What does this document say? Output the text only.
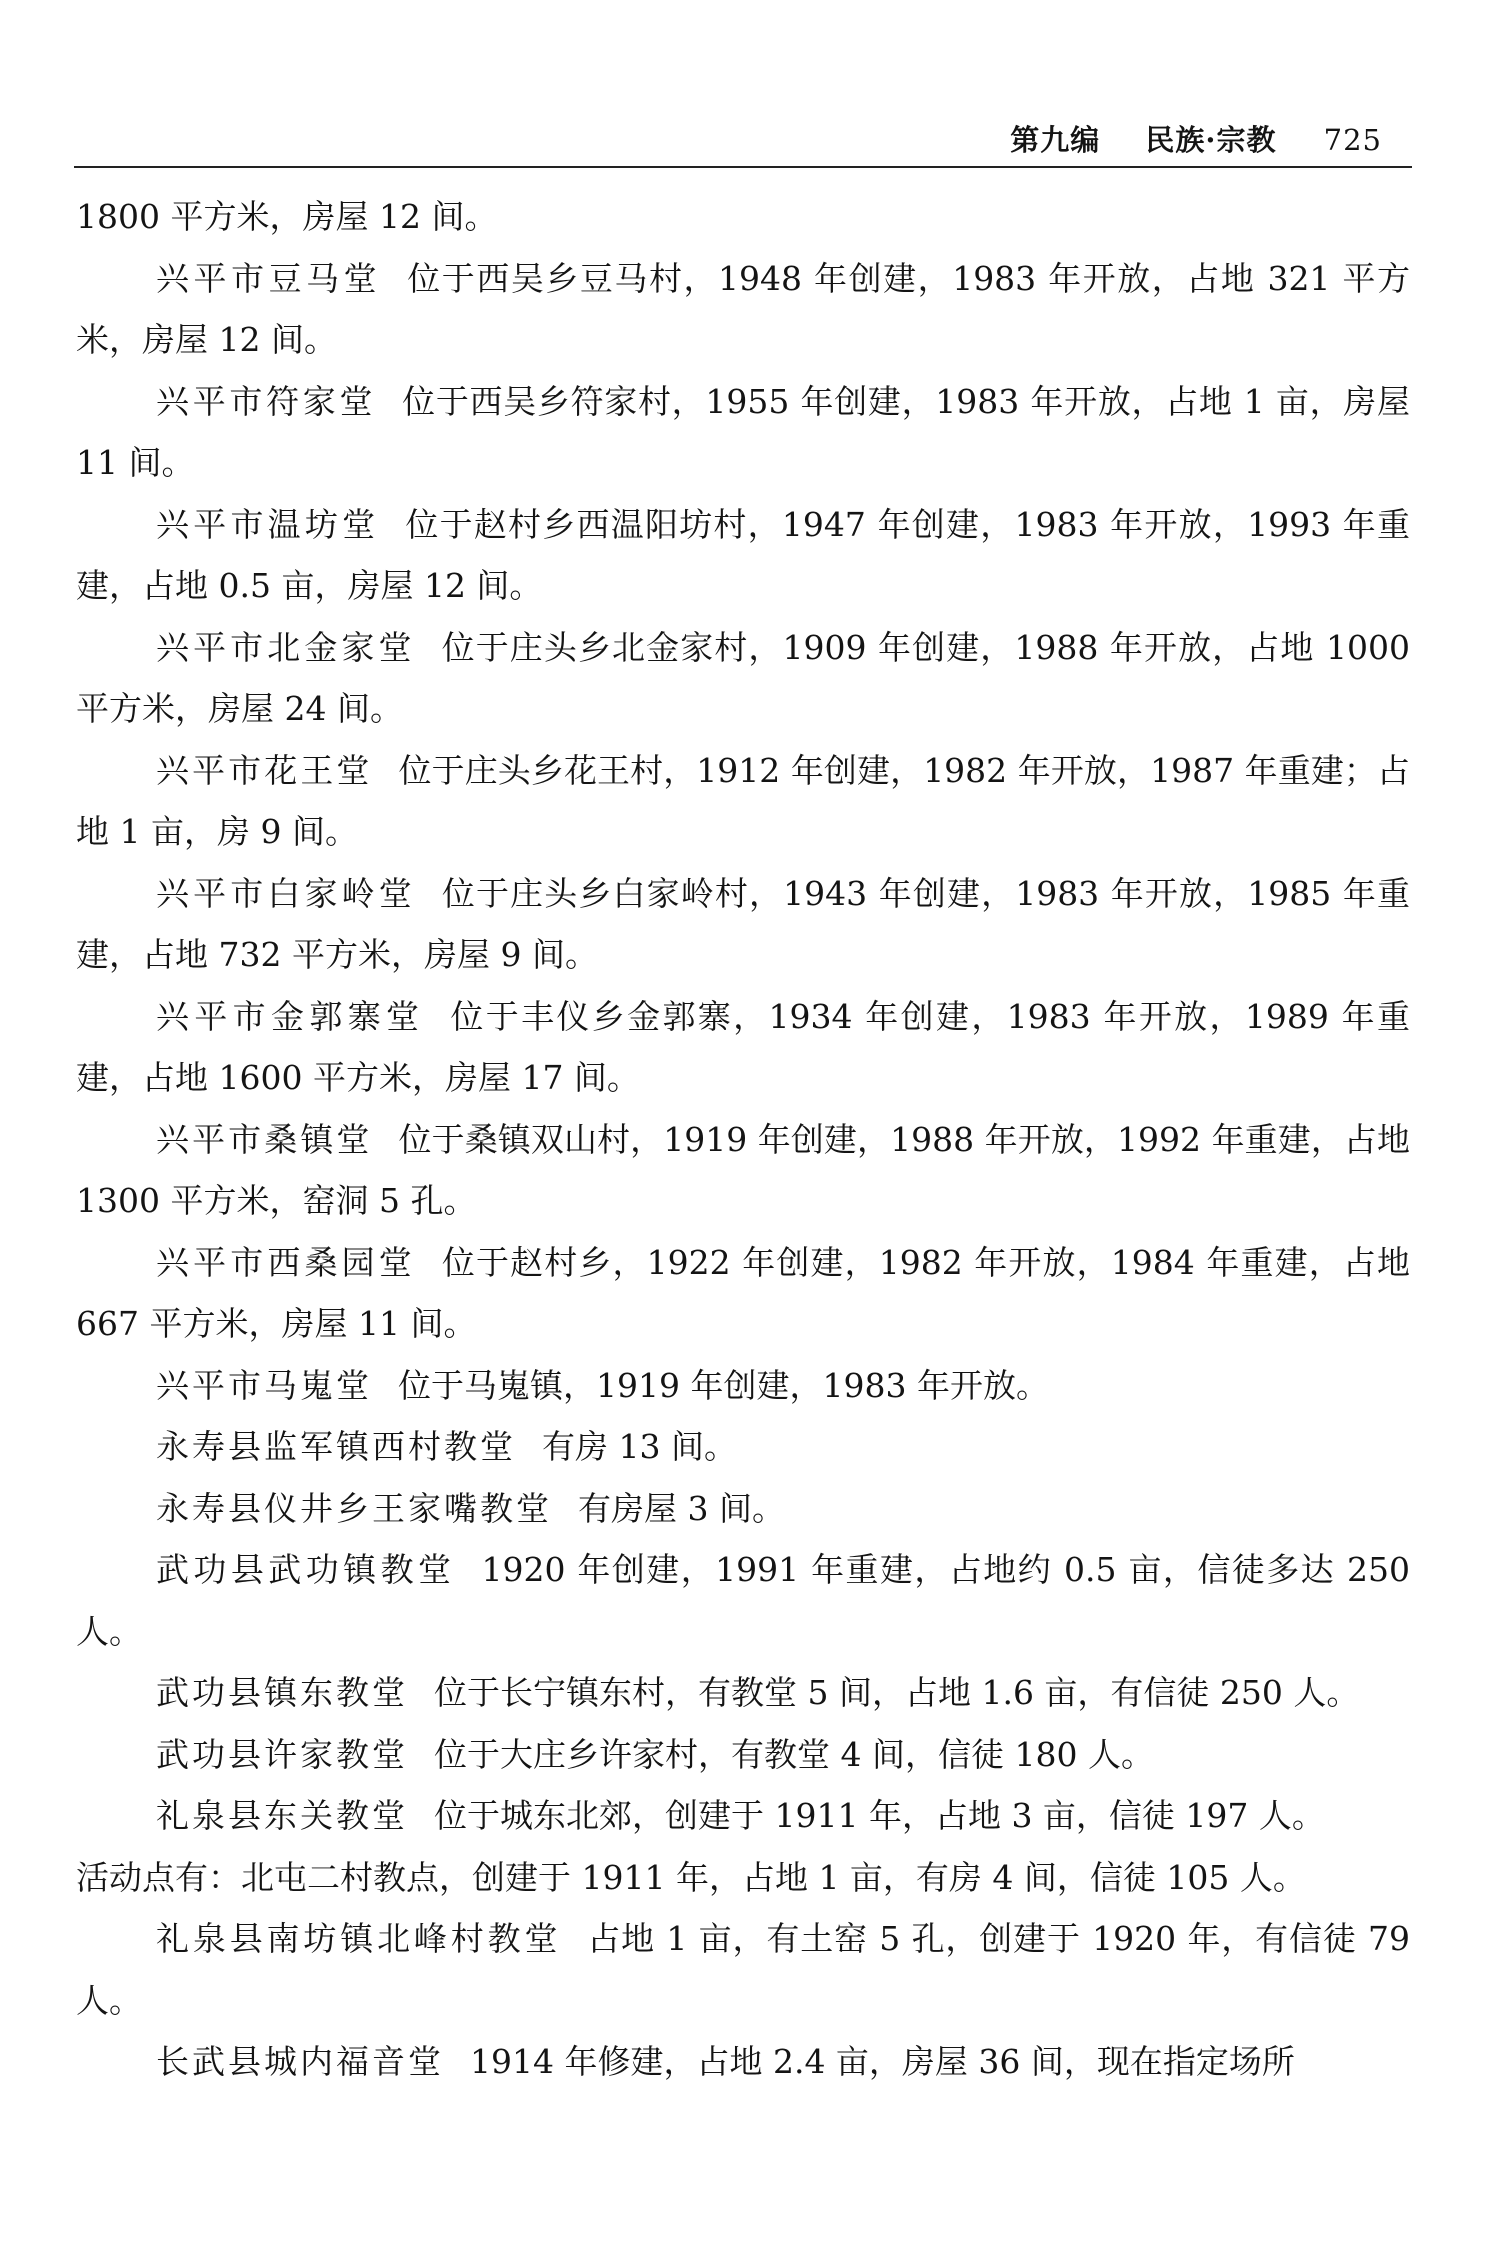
第九编 民族·宗教 725

1800 平方米，房屋 12 间。

兴平市豆马堂 位于西吴乡豆马村，1948 年创建，1983 年开放，占地 321 平方米，房屋 12 间。

兴平市符家堂 位于西吴乡符家村，1955 年创建，1983 年开放，占地 1 亩，房屋 11 间。

兴平市温坊堂 位于赵村乡西温阳坊村，1947 年创建，1983 年开放，1993 年重建，占地 0.5 亩，房屋 12 间。

兴平市北金家堂 位于庄头乡北金家村，1909 年创建，1988 年开放，占地 1000 平方米，房屋 24 间。

兴平市花王堂 位于庄头乡花王村，1912 年创建，1982 年开放，1987 年重建；占地 1 亩，房 9 间。

兴平市白家岭堂 位于庄头乡白家岭村，1943 年创建，1983 年开放，1985 年重建，占地 732 平方米，房屋 9 间。

兴平市金郭寨堂 位于丰仪乡金郭寨，1934 年创建，1983 年开放，1989 年重建，占地 1600 平方米，房屋 17 间。

兴平市桑镇堂 位于桑镇双山村，1919 年创建，1988 年开放，1992 年重建，占地 1300 平方米，窑洞 5 孔。

兴平市西桑园堂 位于赵村乡，1922 年创建，1982 年开放，1984 年重建，占地 667 平方米，房屋 11 间。

兴平市马嵬堂 位于马嵬镇，1919 年创建，1983 年开放。

永寿县监军镇西村教堂 有房 13 间。

永寿县仪井乡王家嘴教堂 有房屋 3 间。

武功县武功镇教堂 1920 年创建，1991 年重建，占地约 0.5 亩，信徒多达 250 人。

武功县镇东教堂 位于长宁镇东村，有教堂 5 间，占地 1.6 亩，有信徒 250 人。

武功县许家教堂 位于大庄乡许家村，有教堂 4 间，信徒 180 人。

礼泉县东关教堂 位于城东北郊，创建于 1911 年，占地 3 亩，信徒 197 人。

活动点有：北屯二村教点，创建于 1911 年，占地 1 亩，有房 4 间，信徒 105 人。

礼泉县南坊镇北峰村教堂 占地 1 亩，有土窑 5 孔，创建于 1920 年，有信徒 79 人。

长武县城内福音堂 1914 年修建，占地 2.4 亩，房屋 36 间，现在指定场所
